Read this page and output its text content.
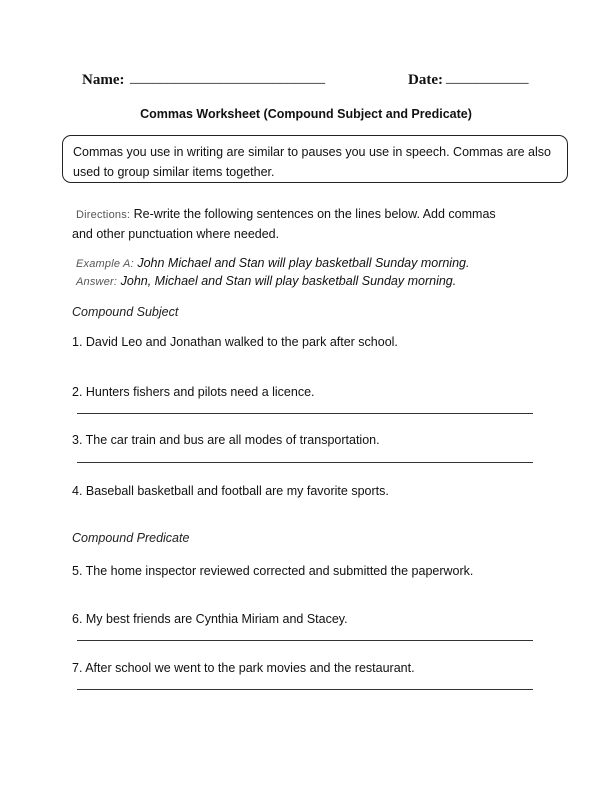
Name: __________________________	Date: ___________
Commas Worksheet (Compound Subject and Predicate)
Commas you use in writing are similar to pauses you use in speech. Commas are also used to group similar items together.
Directions: Re-write the following sentences on the lines below. Add commas
and other punctuation where needed.
Example A: John Michael and Stan will play basketball Sunday morning.
Answer: John, Michael and Stan will play basketball Sunday morning.
Compound Subject
1. David Leo and Jonathan walked to the park after school.
2. Hunters fishers and pilots need a licence.
3. The car train and bus are all modes of transportation.
4. Baseball basketball and football are my favorite sports.
Compound Predicate
5. The home inspector reviewed corrected and submitted the paperwork.
6. My best friends are Cynthia Miriam and Stacey.
7. After school we went to the park movies and the restaurant.
